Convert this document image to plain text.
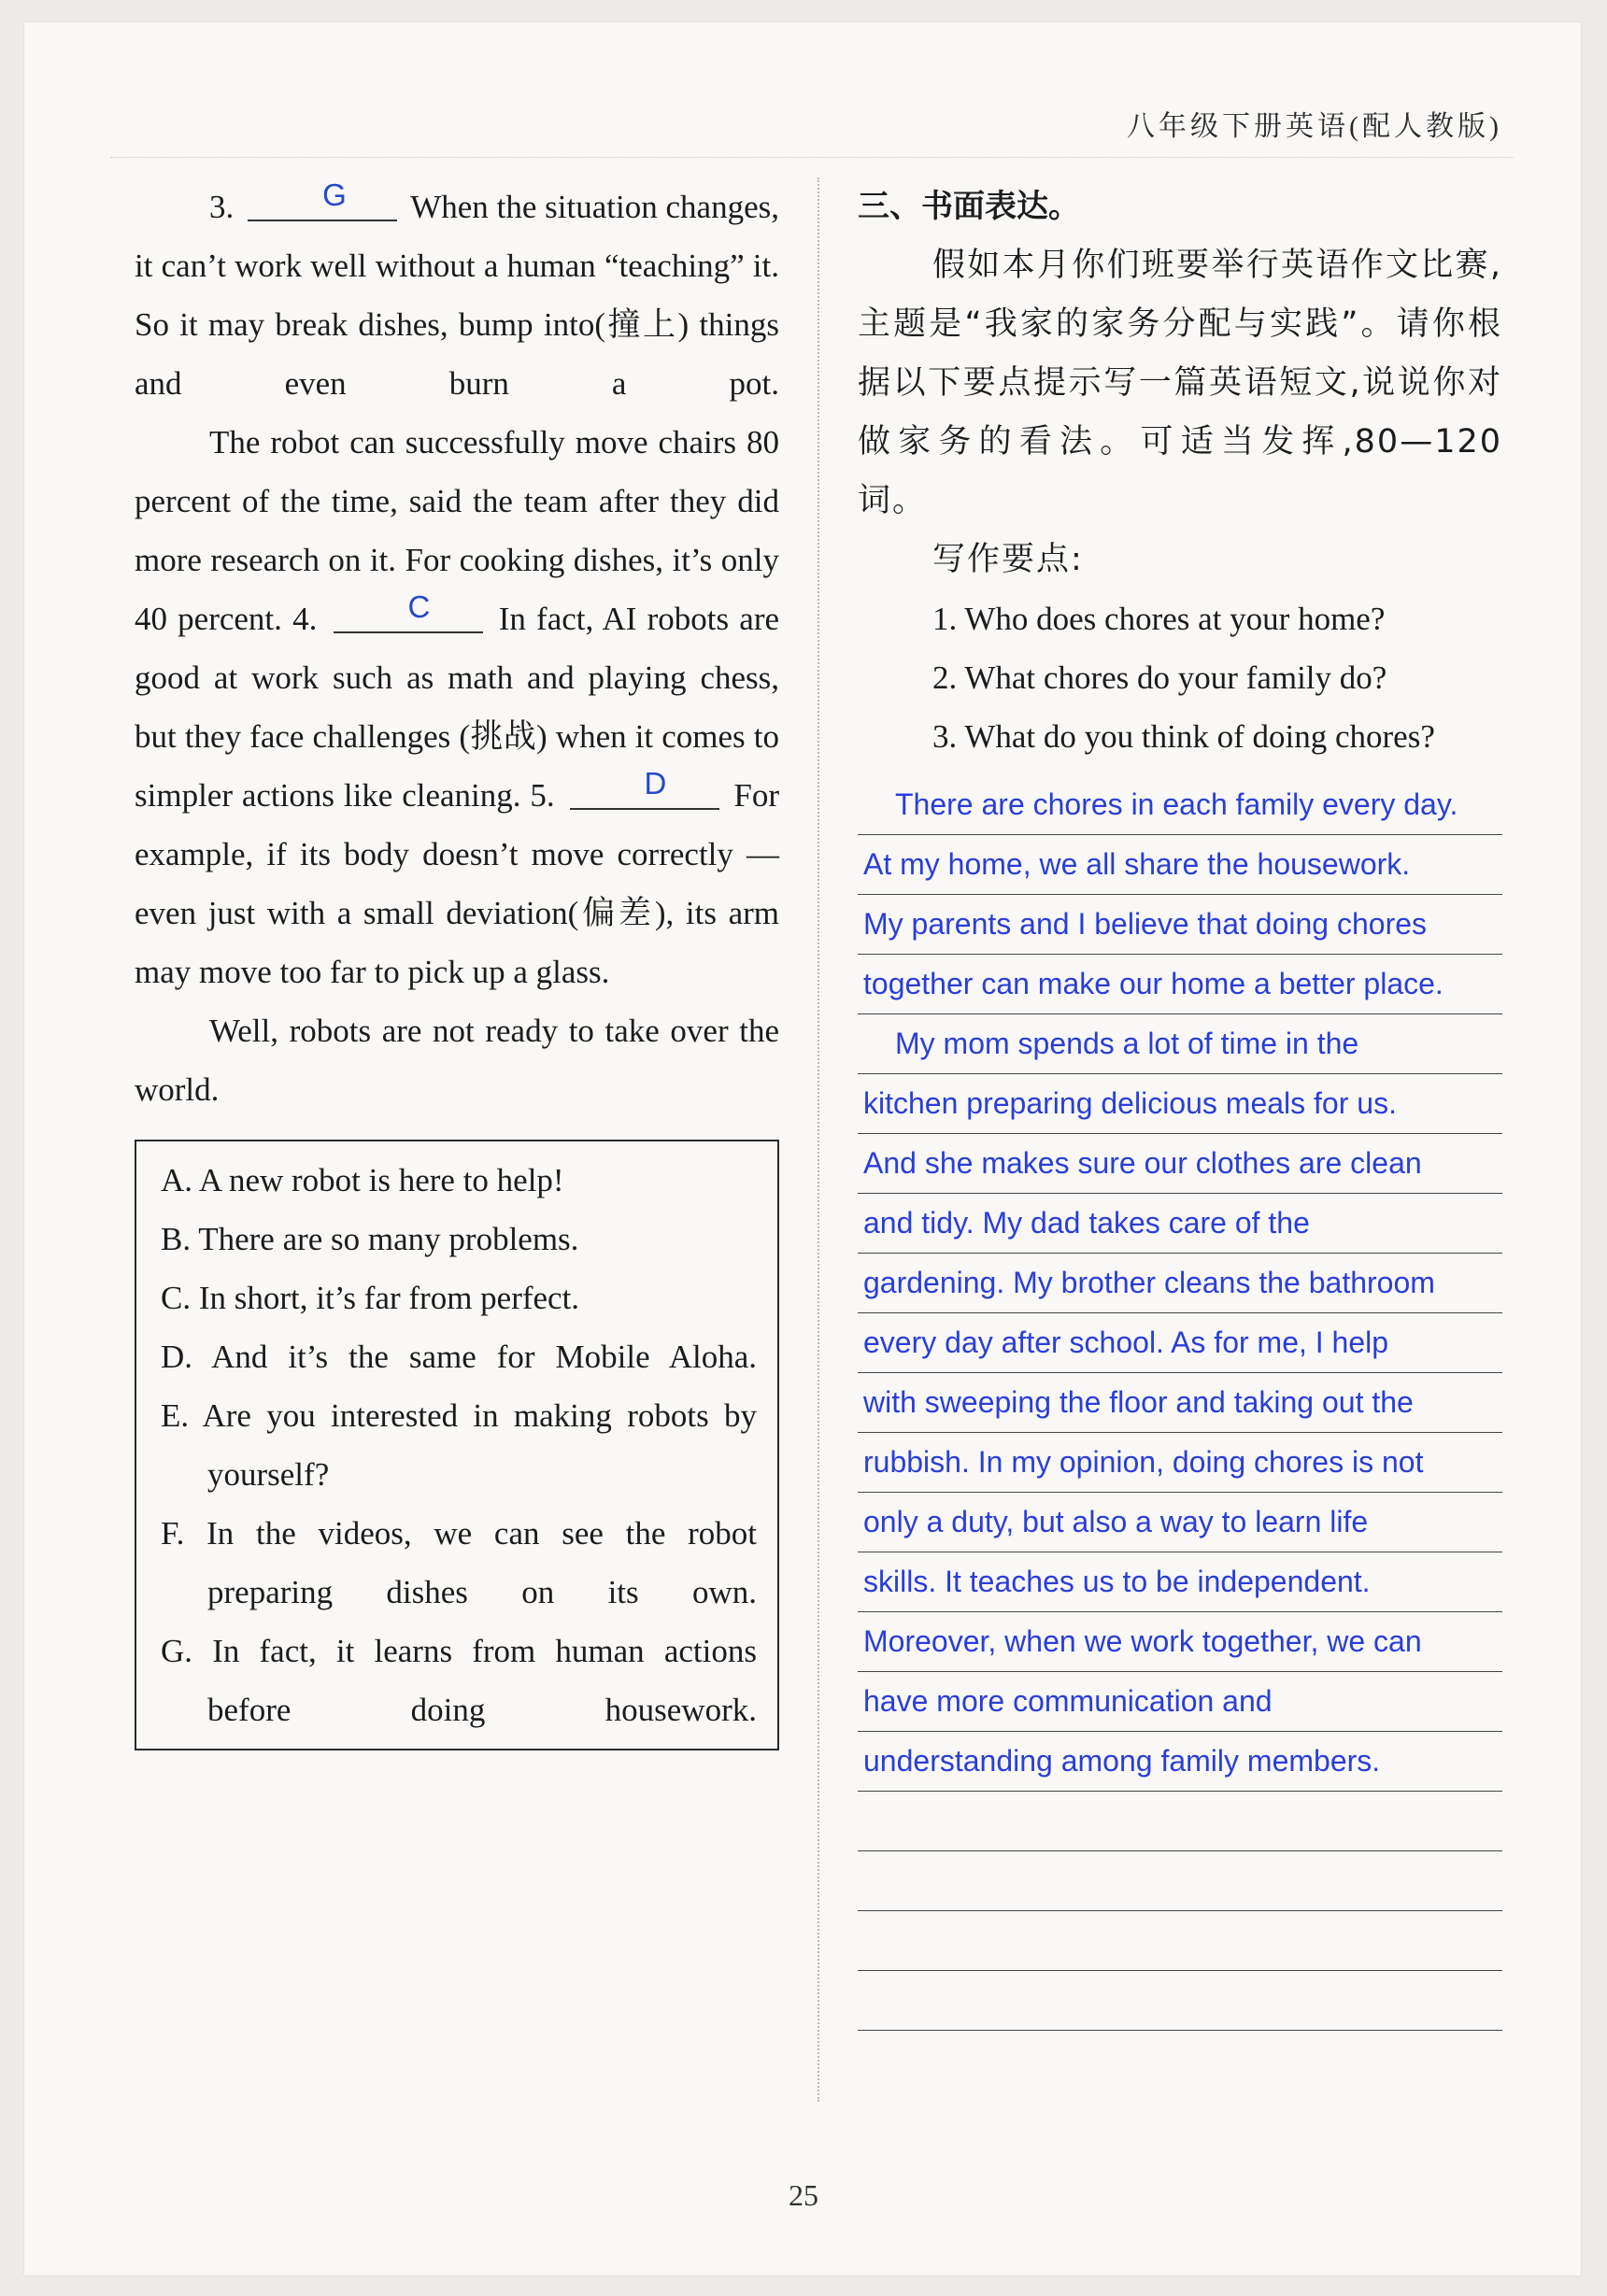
八年级下册英语(配人教版)
3.	G	When the situation changes, it can’t work well without a human “teaching” it. So it may break dishes, bump into(撞上) things and even burn a pot.
The robot can successfully move chairs 80 percent of the time, said the team after they did more research on it. For cooking dishes, it’s only 40 percent. 4.	C	In fact, AI robots are good at work such as math and playing chess, but they face challenges (挑战) when it comes to simpler actions like cleaning. 5.	D	For example, if its body doesn’t move correctly — even just with a small deviation(偏差), its arm may move too far to pick up a glass.
Well, robots are not ready to take over the world.
A. A new robot is here to help!
B. There are so many problems.
C. In short, it’s far from perfect.
D. And it’s the same for Mobile Aloha.
E. Are you interested in making robots by yourself?
F. In the videos, we can see the robot preparing dishes on its own.
G. In fact, it learns from human actions before doing housework.
三、书面表达。
假如本月你们班要举行英语作文比赛,主题是“我家的家务分配与实践”。请你根据以下要点提示写一篇英语短文,说说你对做家务的看法。可适当发挥,80—120 词。
写作要点:
1. Who does chores at your home?
2. What chores do your family do?
3. What do you think of doing chores?
There are chores in each family every day.
At my home, we all share the housework.
My parents and I believe that doing chores
together can make our home a better place.
My mom spends a lot of time in the
kitchen preparing delicious meals for us.
And she makes sure our clothes are clean
and tidy. My dad takes care of the
gardening. My brother cleans the bathroom
every day after school. As for me, I help
with sweeping the floor and taking out the
rubbish. In my opinion, doing chores is not
only a duty, but also a way to learn life
skills. It teaches us to be independent.
Moreover, when we work together, we can
have more communication and
understanding among family members.
25
